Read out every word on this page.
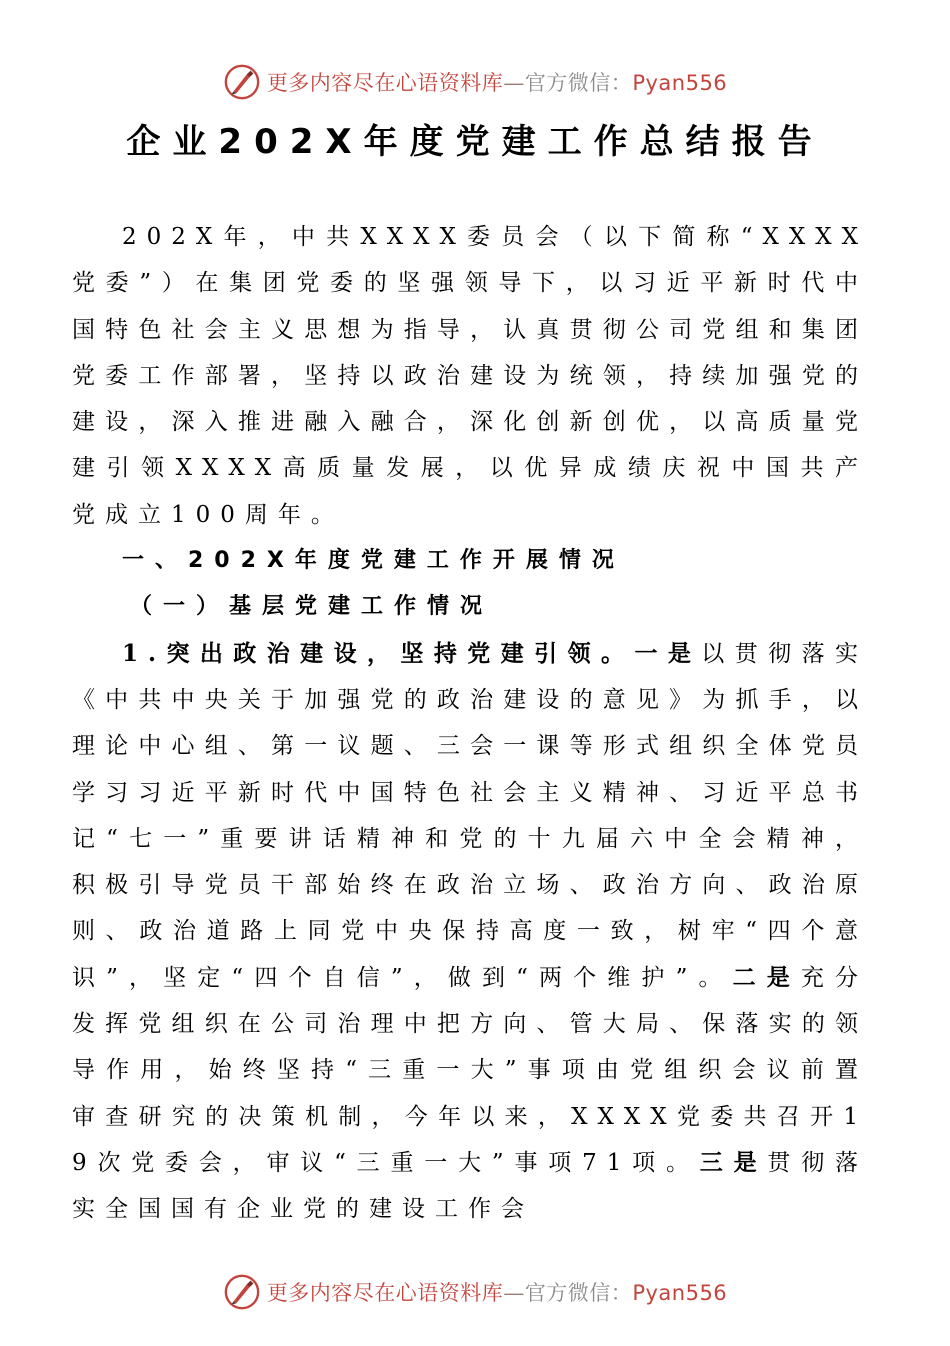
更多内容尽在心语资料库—官方微信：Pyan556
企业202X年度党建工作总结报告

202X年，中共XXXX委员会（以下简称“XXXX党委”）在集团党委的坚强领导下，以习近平新时代中国特色社会主义思想为指导，认真贯彻公司党组和集团党委工作部署，坚持以政治建设为统领，持续加强党的建设，深入推进融入融合，深化创新创优，以高质量党建引领XXXX高质量发展，以优异成绩庆祝中国共产党成立100周年。

一、202X年度党建工作开展情况

（一）基层党建工作情况

1.突出政治建设，坚持党建引领。一是以贯彻落实《中共中央关于加强党的政治建设的意见》为抓手，以理论中心组、第一议题、三会一课等形式组织全体党员学习习近平新时代中国特色社会主义精神、习近平总书记“七一”重要讲话精神和党的十九届六中全会精神，积极引导党员干部始终在政治立场、政治方向、政治原则、政治道路上同党中央保持高度一致，树牢“四个意识”，坚定“四个自信”，做到“两个维护”。二是充分发挥党组织在公司治理中把方向、管大局、保落实的领导作用，始终坚持“三重一大”事项由党组织会议前置审查研究的决策机制，今年以来，XXXX党委共召开19次党委会，审议“三重一大”事项71项。三是贯彻落实全国国有企业党的建设工作会

更多内容尽在心语资料库—官方微信：Pyan556
